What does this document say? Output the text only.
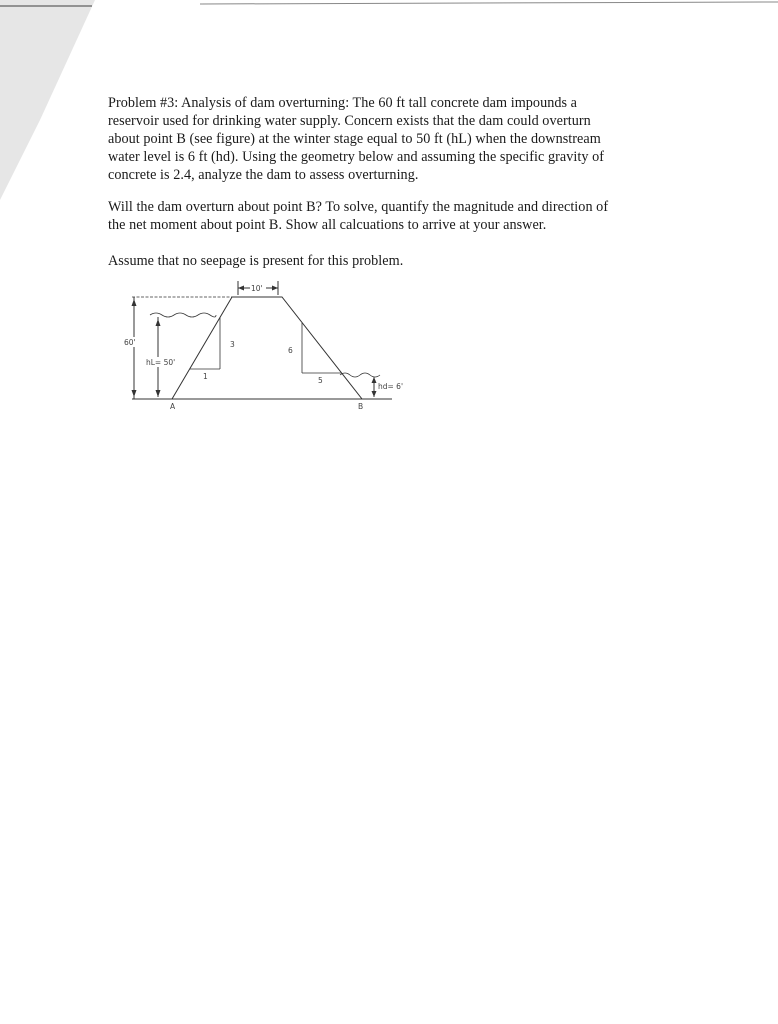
Problem #3: Analysis of dam overturning: The 60 ft tall concrete dam impounds a
reservoir used for drinking water supply. Concern exists that the dam could overturn
about point B (see figure) at the winter stage equal to 50 ft (hL) when the downstream
water level is 6 ft (hd). Using the geometry below and assuming the specific gravity of
concrete is 2.4, analyze the dam to assess overturning.
Will the dam overturn about point B? To solve, quantify the magnitude and direction of
the net moment about point B. Show all calcuations to arrive at your answer.
Assume that no seepage is present for this problem.
10'
60'
hL= 50'
3
1
6
5
hd= 6'
A	B
